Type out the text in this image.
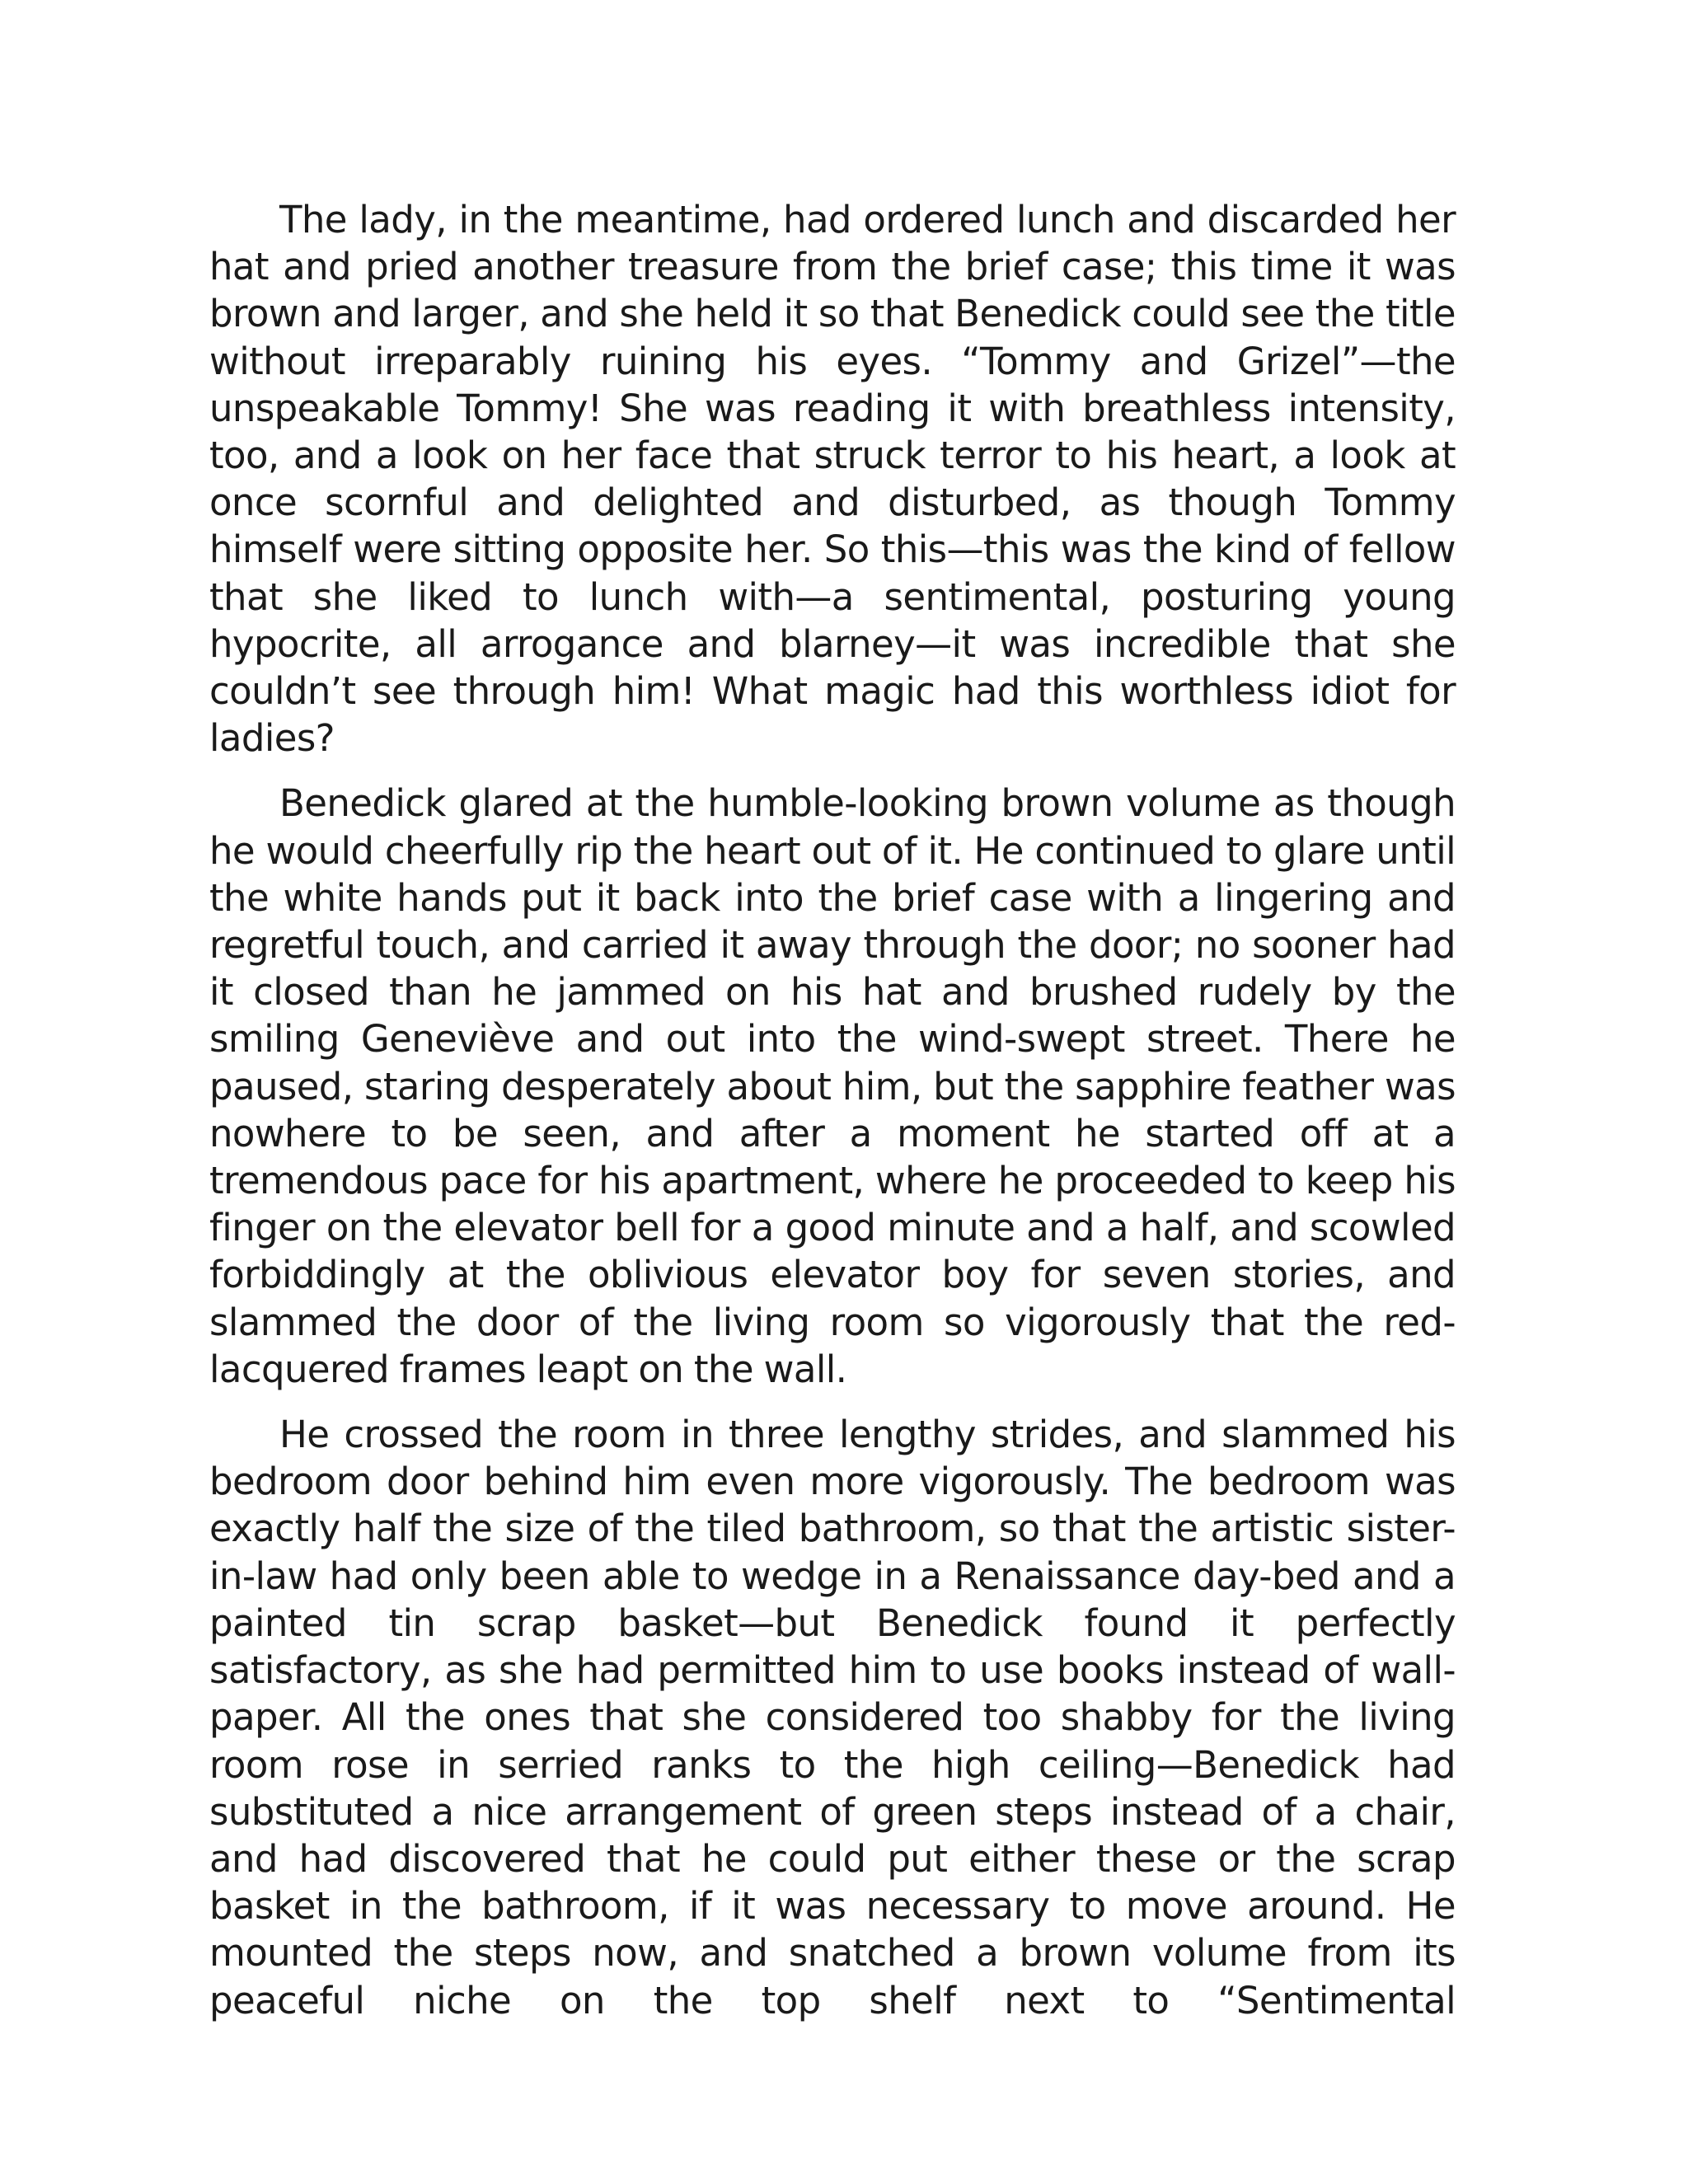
The lady, in the meantime, had ordered lunch and discarded her hat and pried another treasure from the brief case; this time it was brown and larger, and she held it so that Benedick could see the title without irreparably ruining his eyes. “Tommy and Grizel”—the unspeakable Tommy! She was reading it with breathless intensity, too, and a look on her face that struck terror to his heart, a look at once scornful and delighted and disturbed, as though Tommy himself were sitting opposite her. So this—this was the kind of fellow that she liked to lunch with—a sentimental, posturing young hypocrite, all arrogance and blarney—it was incredible that she couldn’t see through him! What magic had this worthless idiot for ladies?

Benedick glared at the humble-looking brown volume as though he would cheerfully rip the heart out of it. He continued to glare until the white hands put it back into the brief case with a lingering and regretful touch, and carried it away through the door; no sooner had it closed than he jammed on his hat and brushed rudely by the smiling Geneviève and out into the wind-swept street. There he paused, staring desperately about him, but the sapphire feather was nowhere to be seen, and after a moment he started off at a tremendous pace for his apartment, where he proceeded to keep his finger on the elevator bell for a good minute and a half, and scowled forbiddingly at the oblivious elevator boy for seven stories, and slammed the door of the living room so vigorously that the red-lacquered frames leapt on the wall.

He crossed the room in three lengthy strides, and slammed his bedroom door behind him even more vigorously. The bedroom was exactly half the size of the tiled bathroom, so that the artistic sister-in-law had only been able to wedge in a Renaissance day-bed and a painted tin scrap basket—but Benedick found it perfectly satisfactory, as she had permitted him to use books instead of wall-paper. All the ones that she considered too shabby for the living room rose in serried ranks to the high ceiling—Benedick had substituted a nice arrangement of green steps instead of a chair, and had discovered that he could put either these or the scrap basket in the bathroom, if it was necessary to move around. He mounted the steps now, and snatched a brown volume from its peaceful niche on the top shelf next to “Sentimental
